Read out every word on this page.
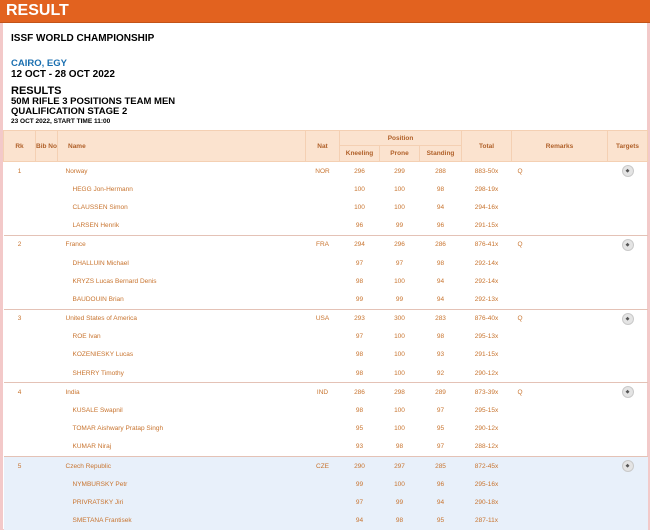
RESULT
ISSF WORLD CHAMPIONSHIP
CAIRO, EGY
12 OCT - 28 OCT 2022
RESULTS
50M RIFLE 3 POSITIONS TEAM MEN
QUALIFICATION STAGE 2
23 OCT 2022, START TIME 11:00
Rk	Bib No	Name	Nat	Position			Total	Remarks	Targets
				Kneeling	Prone	Standing			
1		Norway	NOR	296	299	288	883-50x	Q	◆
		HEGG Jon-Hermann		100	100	98	298-19x		
		CLAUSSEN Simon		100	100	94	294-16x		
		LARSEN Henrik		96	99	96	291-15x		
2		France	FRA	294	296	286	876-41x	Q	◆
		DHALLUIN Michael		97	97	98	292-14x		
		KRYZS Lucas Bernard Denis		98	100	94	292-14x		
		BAUDOUIN Brian		99	99	94	292-13x		
3		United States of America	USA	293	300	283	876-40x	Q	◆
		ROE Ivan		97	100	98	295-13x		
		KOZENIESKY Lucas		98	100	93	291-15x		
		SHERRY Timothy		98	100	92	290-12x		
4		India	IND	286	298	289	873-39x	Q	◆
		KUSALE Swapnil		98	100	97	295-15x		
		TOMAR Aishwary Pratap Singh		95	100	95	290-12x		
		KUMAR Niraj		93	98	97	288-12x		
5		Czech Republic	CZE	290	297	285	872-45x		◆
		NYMBURSKY Petr		99	100	96	295-16x		
		PRIVRATSKY Jiri		97	99	94	290-18x		
		SMETANA Frantisek		94	98	95	287-11x		
